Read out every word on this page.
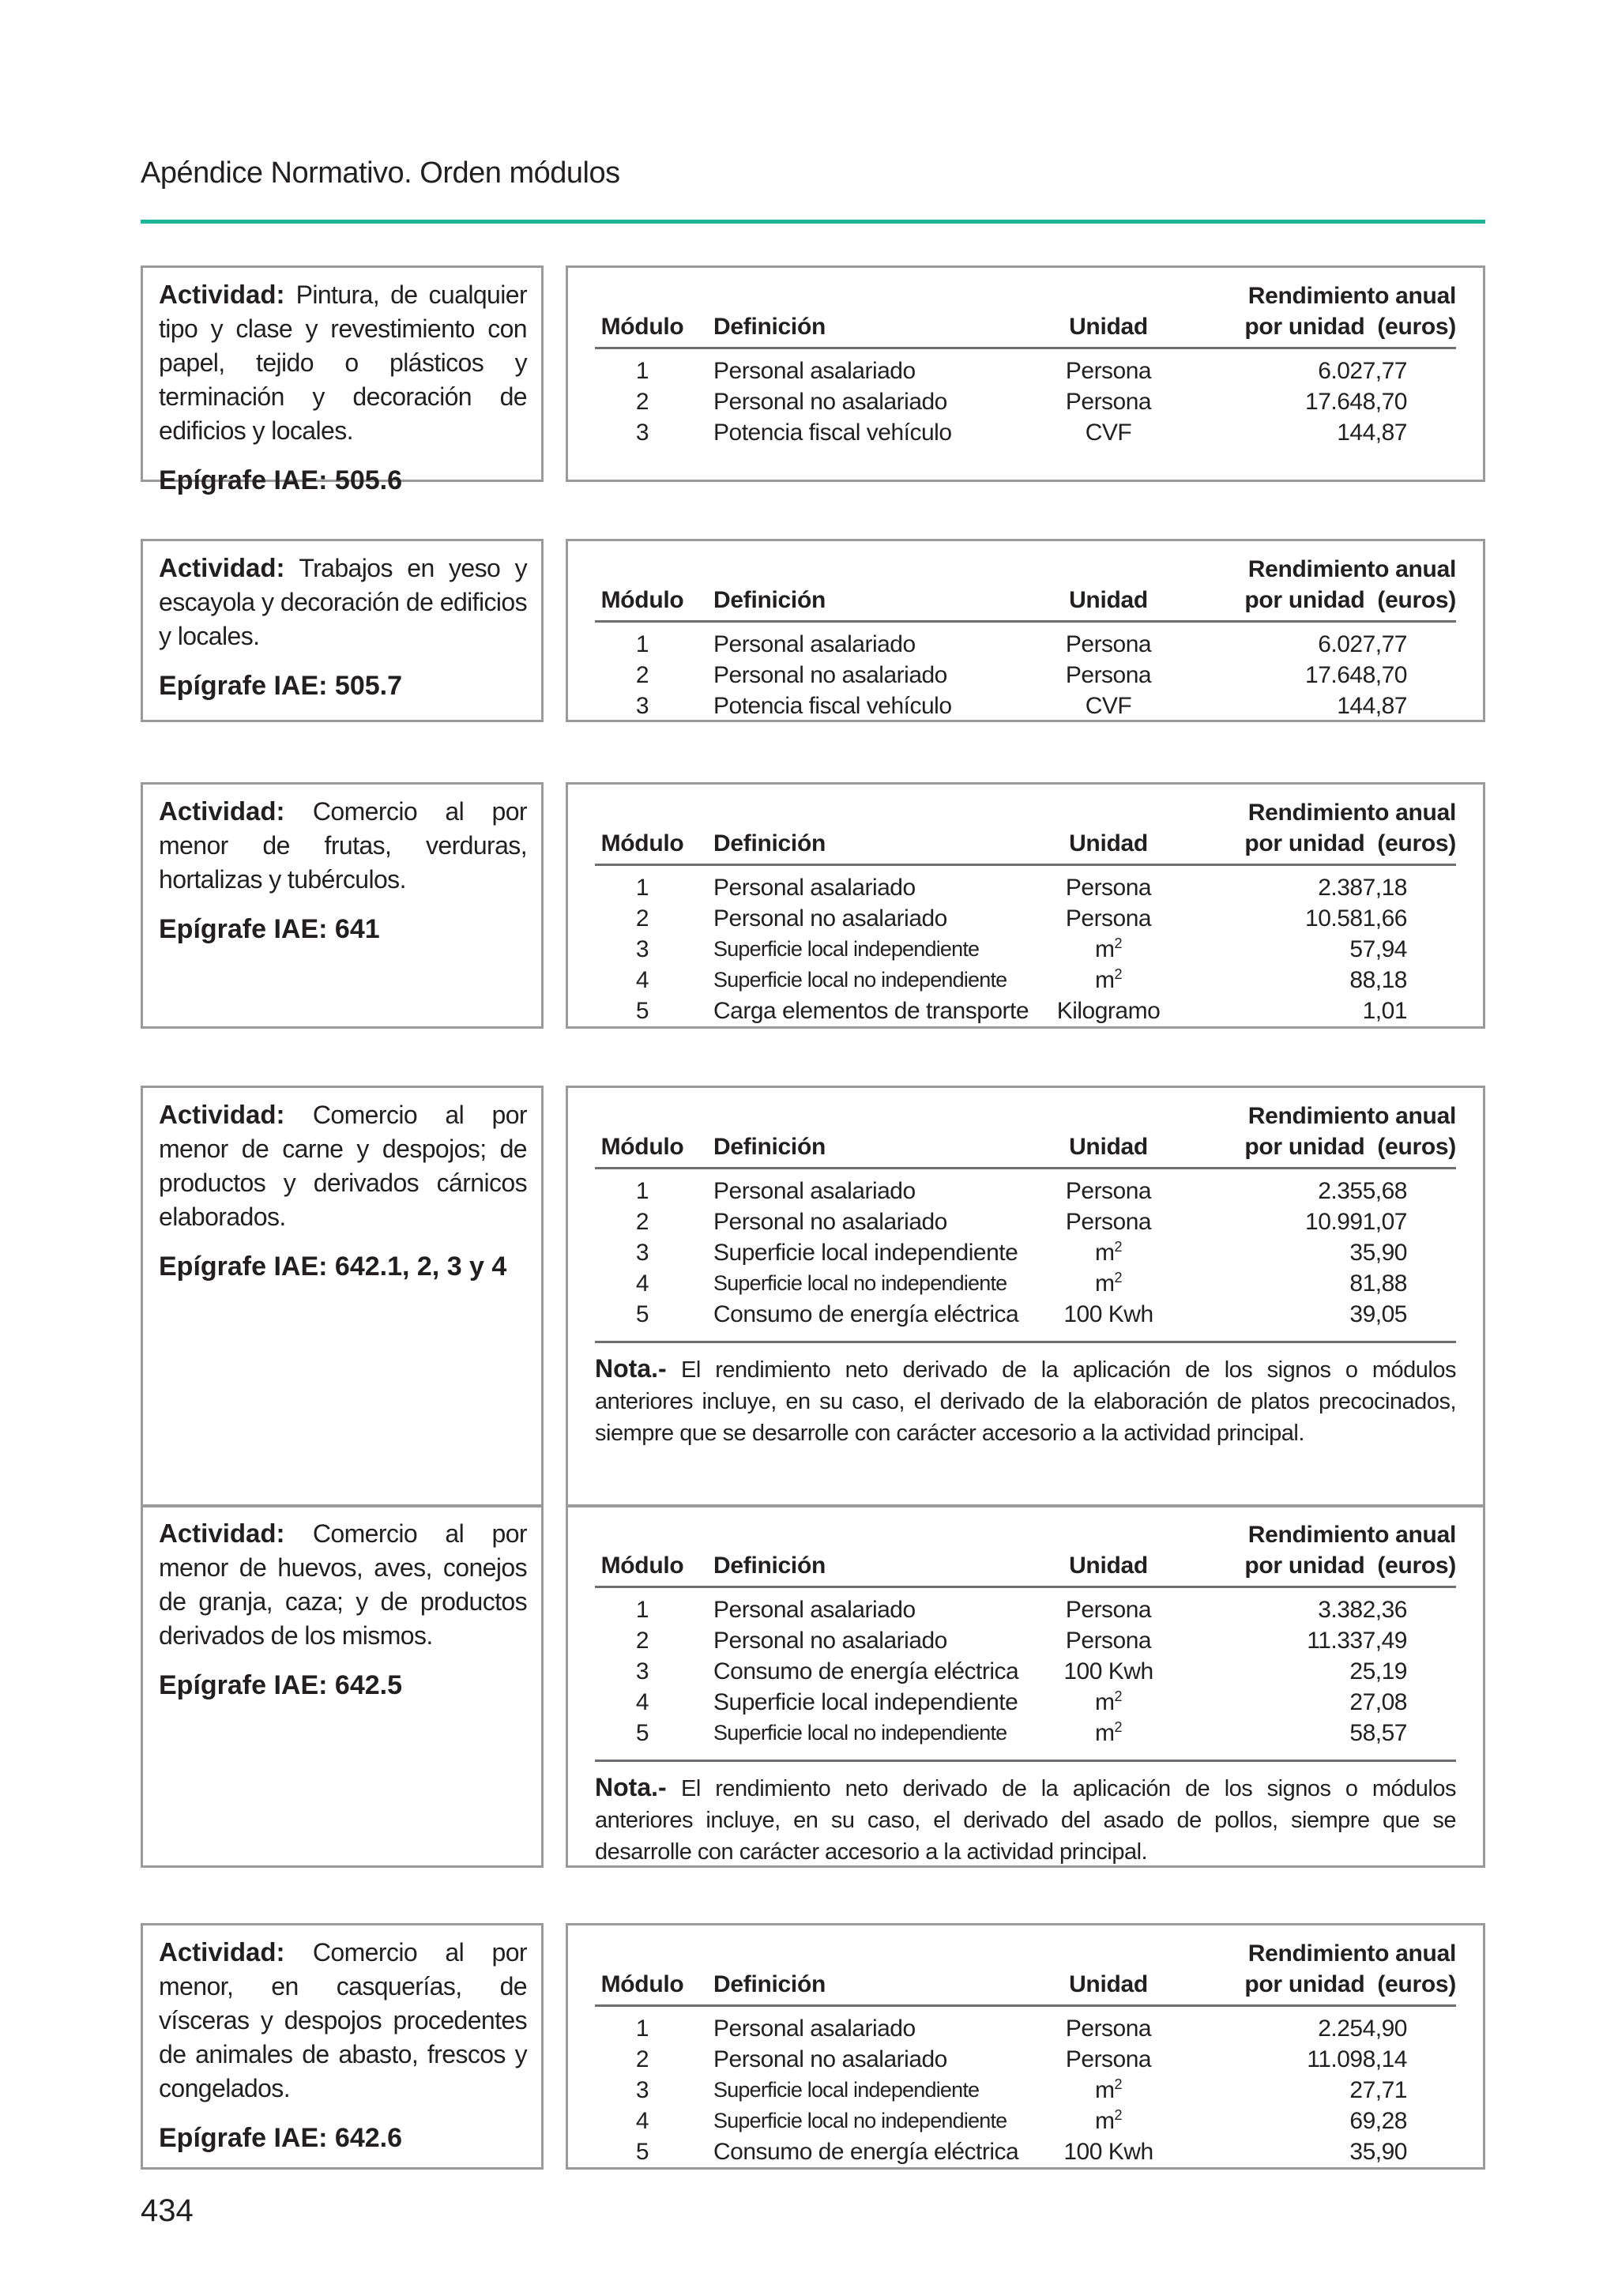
Apéndice Normativo. Orden módulos
Actividad: Pintura, de cualquier tipo y clase y revestimiento con papel, tejido o plásticos y terminación y decoración de edificios y locales.
Epígrafe IAE: 505.6
Módulo	Definición	Unidad	Rendimiento anual
por unidad  (euros)
1	Personal asalariado	Persona	6.027,77
2	Personal no asalariado	Persona	17.648,70
3	Potencia fiscal vehículo	CVF	144,87
Actividad: Trabajos en yeso y escayola y decoración de edificios y locales.
Epígrafe IAE: 505.7
Módulo	Definición	Unidad	Rendimiento anual
por unidad  (euros)
1	Personal asalariado	Persona	6.027,77
2	Personal no asalariado	Persona	17.648,70
3	Potencia fiscal vehículo	CVF	144,87
Actividad: Comercio al por menor de frutas, verduras, hortalizas y tubérculos.
Epígrafe IAE: 641
Módulo	Definición	Unidad	Rendimiento anual
por unidad  (euros)
1	Personal asalariado	Persona	2.387,18
2	Personal no asalariado	Persona	10.581,66
3	Superficie local independiente	$m^2$	57,94
4	Superficie local no independiente	$m^2$	88,18
5	Carga elementos de transporte	Kilogramo	1,01
Actividad: Comercio al por menor de carne y despojos; de productos y derivados cárnicos elaborados.
Epígrafe IAE: 642.1, 2, 3 y 4
Módulo	Definición	Unidad	Rendimiento anual
por unidad  (euros)
1	Personal asalariado	Persona	2.355,68
2	Personal no asalariado	Persona	10.991,07
3	Superficie local independiente	$m^2$	35,90
4	Superficie local no independiente	$m^2$	81,88
5	Consumo de energía eléctrica	100 Kwh	39,05
Nota.- El rendimiento neto derivado de la aplicación de los signos o módulos anteriores incluye, en su caso, el derivado de la elaboración de platos precocinados, siempre que se desarrolle con carácter accesorio a la actividad principal.
Actividad: Comercio al por menor de huevos, aves, conejos de granja, caza; y de productos derivados de los mismos.
Epígrafe IAE: 642.5
Módulo	Definición	Unidad	Rendimiento anual
por unidad  (euros)
1	Personal asalariado	Persona	3.382,36
2	Personal no asalariado	Persona	11.337,49
3	Consumo de energía eléctrica	100 Kwh	25,19
4	Superficie local independiente	$m^2$	27,08
5	Superficie local no independiente	$m^2$	58,57
Nota.- El rendimiento neto derivado de la aplicación de los signos o módulos anteriores incluye, en su caso, el derivado del asado de pollos, siempre que se desarrolle con carácter accesorio a la actividad principal.
Actividad: Comercio al por menor, en casquerías, de vísceras y despojos procedentes de animales de abasto, frescos y congelados.
Epígrafe IAE: 642.6
Módulo	Definición	Unidad	Rendimiento anual
por unidad  (euros)
1	Personal asalariado	Persona	2.254,90
2	Personal no asalariado	Persona	11.098,14
3	Superficie local independiente	$m^2$	27,71
4	Superficie local no independiente	$m^2$	69,28
5	Consumo de energía eléctrica	100 Kwh	35,90
434
